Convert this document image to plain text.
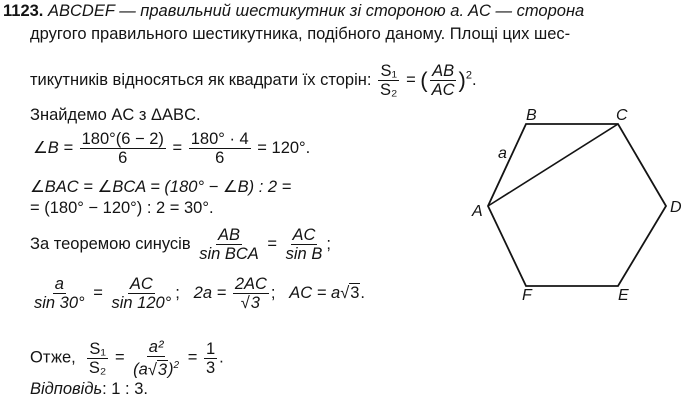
1123. ABCDEF — правильний шестикутник зі стороною a. AC — сторона
другого правильного шестикутника, подібного даному. Площі цих шес-
тикутників відносяться як квадрати їх сторін: $\frac{\text{S₁}}{\text{S₂}}$ = ( $\frac{AB}{AC} )^2$.
Знайдемо AC з ΔABC.
∠B = $\frac{180^\circ(6 - 2)}{6} = \frac{180^\circ \cdot 4}{6} = 120^\circ$.
∠BAC = ∠BCA = (180° − ∠B) : 2 =
= (180° − 120°) : 2 = 30°.
За теоремою синусів $\frac{AB}{\text{sin BCA}} = \frac{AC}{\text{sin B}}$ ;
$\frac{a}{\sin 30^\circ} = \frac{AC}{\sin 120^\circ}$ ; $2a = \frac{2AC}{√ 3}$ ; AC = a √ 3.
Отже, $\frac{\text{S₁}}{\text{S₂}} = \frac{\text{a²}}{(a √ 3)^2} = \frac{1}{3}$ .
Відповідь: 1 : 3.
B	C
D
E
F
A
a
